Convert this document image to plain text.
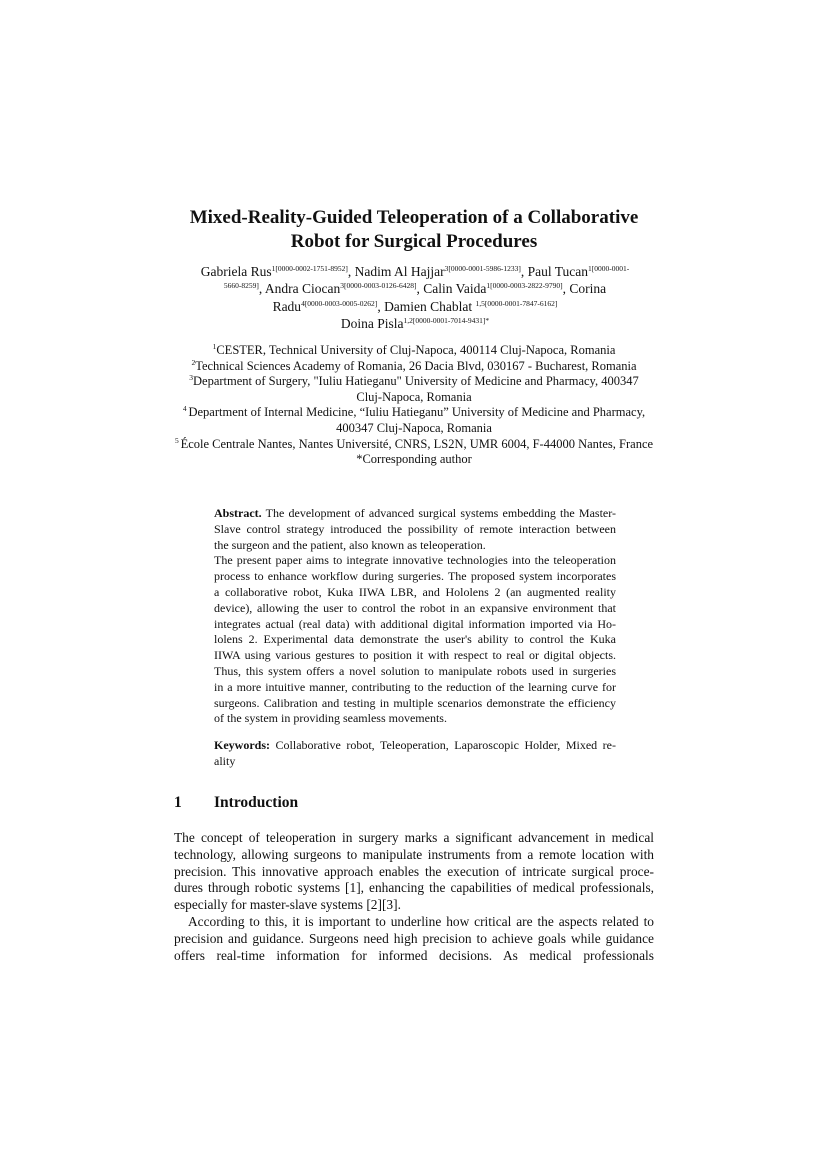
Mixed-Reality-Guided Teleoperation of a Collaborative
Robot for Surgical Procedures
Gabriela Rus$^{1[0000-0002-1751-8952]}$, Nadim Al Hajjar$^{3[0000-0001-5986-1233]}$, Paul Tucan$^{1[0000-0001-}$
$^{5660-8259]}$, Andra Ciocan$^{3[0000-0003-0126-6428]}$, Calin Vaida$^{1[0000-0003-2822-9790]}$, Corina
Radu$^{4[0000-0003-0005-0262]}$, Damien Chablat $^{1,5[0000-0001-7847-6162]}$
Doina Pisla$^{1,2[0000-0001-7014-9431]*}$
$^1$CESTER, Technical University of Cluj-Napoca, 400114 Cluj-Napoca, Romania
$^2$Technical Sciences Academy of Romania, 26 Dacia Blvd, 030167 - Bucharest, Romania
$^3$Department of Surgery, "Iuliu Hatieganu" University of Medicine and Pharmacy, 400347
Cluj-Napoca, Romania
$^4$ Department of Internal Medicine, “Iuliu Hatieganu” University of Medicine and Pharmacy,
400347 Cluj-Napoca, Romania
$^5$ École Centrale Nantes, Nantes Université, CNRS, LS2N, UMR 6004, F-44000 Nantes, France
*Corresponding author
Abstract. The development of advanced surgical systems embedding the Master-
Slave control strategy introduced the possibility of remote interaction between
the surgeon and the patient, also known as teleoperation.
The present paper aims to integrate innovative technologies into the teleoperation
process to enhance workflow during surgeries. The proposed system incorporates
a collaborative robot, Kuka IIWA LBR, and Hololens 2 (an augmented reality
device), allowing the user to control the robot in an expansive environment that
integrates actual (real data) with additional digital information imported via Ho-
lolens 2. Experimental data demonstrate the user's ability to control the Kuka
IIWA using various gestures to position it with respect to real or digital objects.
Thus, this system offers a novel solution to manipulate robots used in surgeries
in a more intuitive manner, contributing to the reduction of the learning curve for
surgeons. Calibration and testing in multiple scenarios demonstrate the efficiency
of the system in providing seamless movements.
Keywords: Collaborative robot, Teleoperation, Laparoscopic Holder, Mixed re-
ality
1 Introduction
The concept of teleoperation in surgery marks a significant advancement in medical
technology, allowing surgeons to manipulate instruments from a remote location with
precision. This innovative approach enables the execution of intricate surgical proce-
dures through robotic systems [1], enhancing the capabilities of medical professionals,
especially for master-slave systems [2][3].
According to this, it is important to underline how critical are the aspects related to
precision and guidance. Surgeons need high precision to achieve goals while guidance
offers real-time information for informed decisions. As medical professionals
